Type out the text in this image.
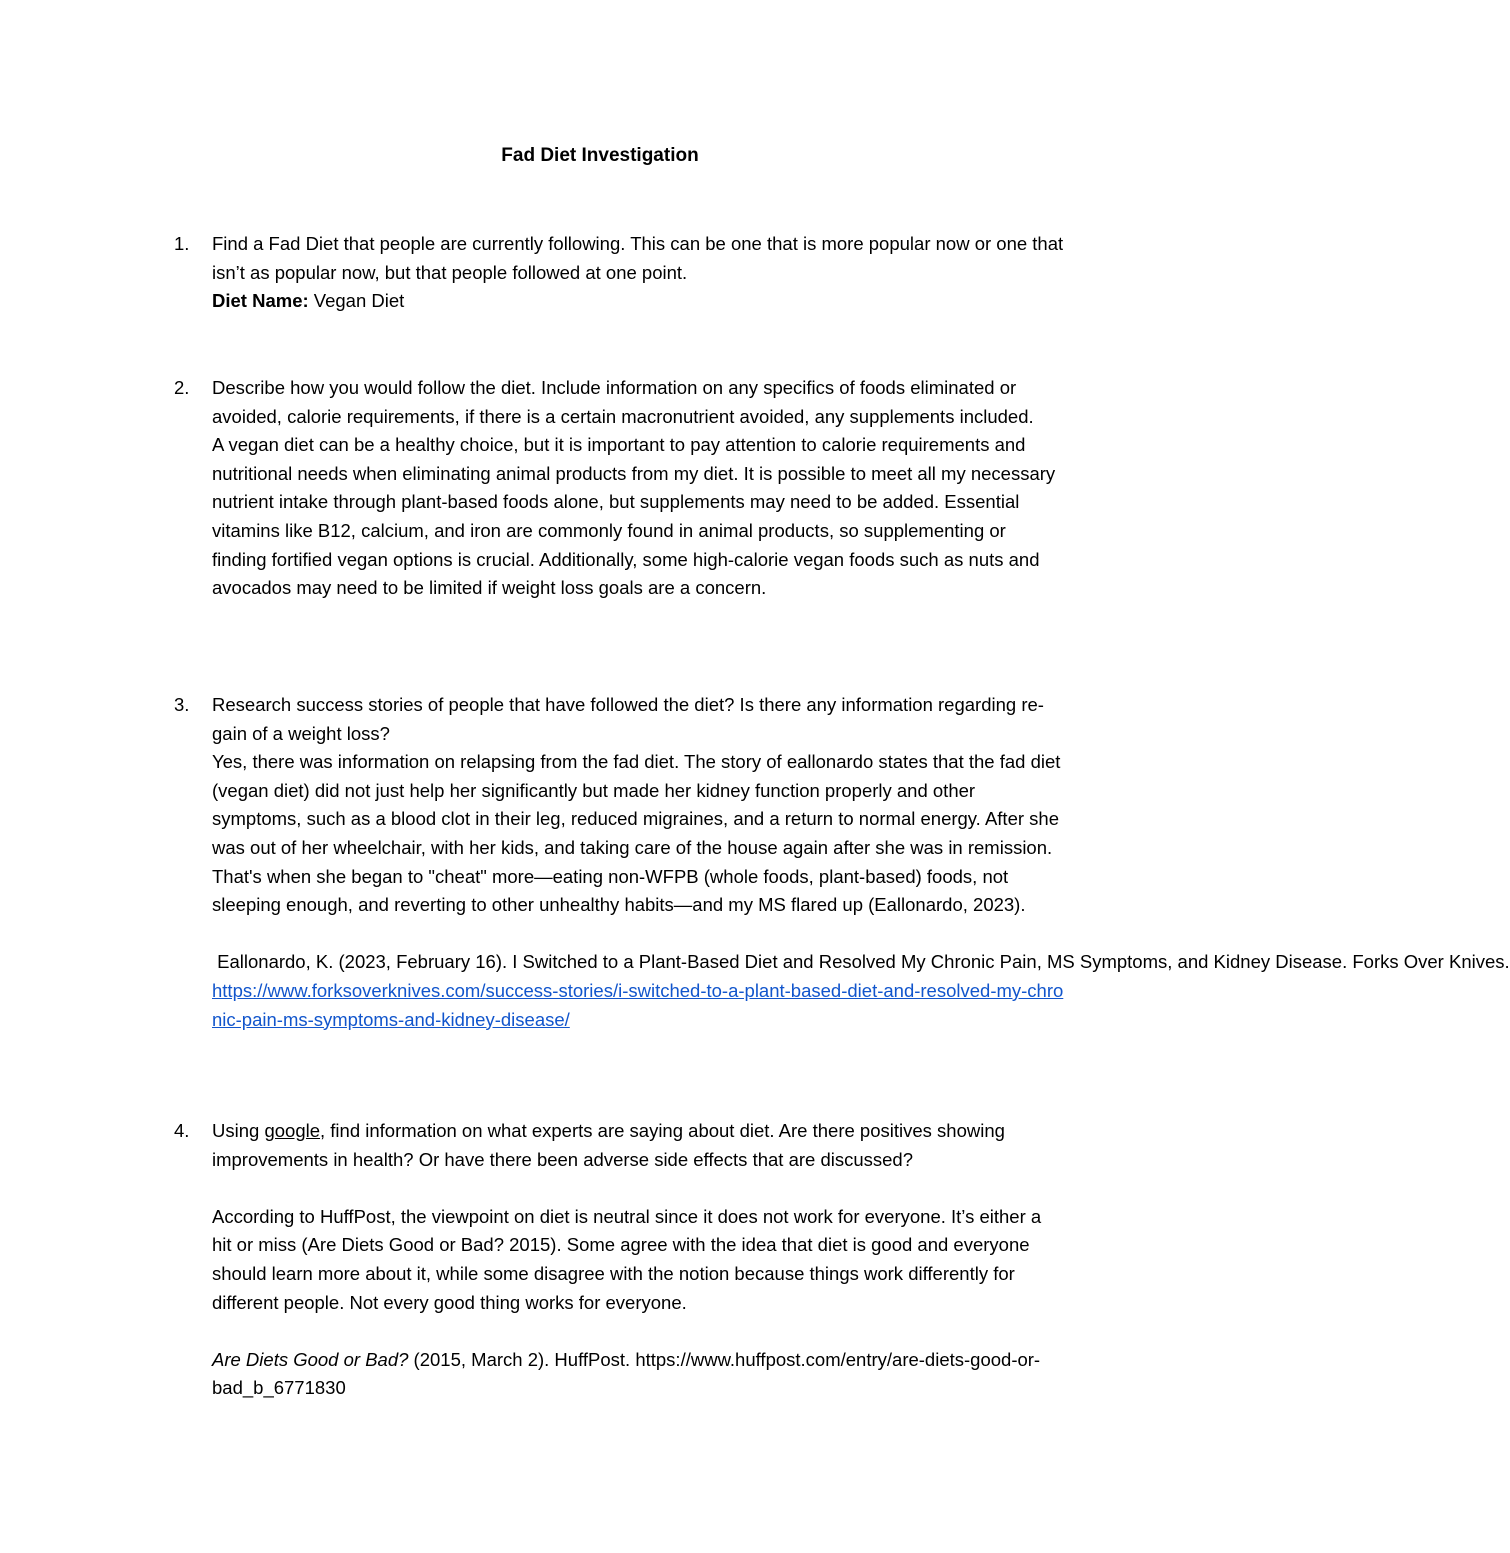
Fad Diet Investigation
1.	Find a Fad Diet that people are currently following. This can be one that is more popular now or one that isn’t as popular now, but that people followed at one point.

Diet Name: Vegan Diet

2.	Describe how you would follow the diet. Include information on any specifics of foods eliminated or avoided, calorie requirements, if there is a certain macronutrient avoided, any supplements included.

A vegan diet can be a healthy choice, but it is important to pay attention to calorie requirements and nutritional needs when eliminating animal products from my diet. It is possible to meet all my necessary nutrient intake through plant-based foods alone, but supplements may need to be added. Essential vitamins like B12, calcium, and iron are commonly found in animal products, so supplementing or finding fortified vegan options is crucial. Additionally, some high-calorie vegan foods such as nuts and avocados may need to be limited if weight loss goals are a concern.

3.	Research success stories of people that have followed the diet? Is there any information regarding re-gain of a weight loss?

Yes, there was information on relapsing from the fad diet. The story of eallonardo states that the fad diet (vegan diet) did not just help her significantly but made her kidney function properly and other symptoms, such as a blood clot in their leg, reduced migraines, and a return to normal energy. After she was out of her wheelchair, with her kids, and taking care of the house again after she was in remission. That's when she began to "cheat" more—eating non-WFPB (whole foods, plant-based) foods, not sleeping enough, and reverting to other unhealthy habits—and my MS flared up (Eallonardo, 2023).

Eallonardo, K. (2023, February 16). I Switched to a Plant-Based Diet and Resolved My Chronic Pain, MS Symptoms, and Kidney Disease. Forks Over Knives.

https://www.forksoverknives.com/success-stories/i-switched-to-a-plant-based-diet-and-resolved-my-chronic-pain-ms-symptoms-and-kidney-disease/

4.	Using google, find information on what experts are saying about diet. Are there positives showing improvements in health? Or have there been adverse side effects that are discussed?

According to HuffPost, the viewpoint on diet is neutral since it does not work for everyone. It’s either a hit or miss (Are Diets Good or Bad? 2015). Some agree with the idea that diet is good and everyone should learn more about it, while some disagree with the notion because things work differently for different people. Not every good thing works for everyone.

Are Diets Good or Bad? (2015, March 2). HuffPost. https://www.huffpost.com/entry/are-diets-good-or-bad_b_6771830
